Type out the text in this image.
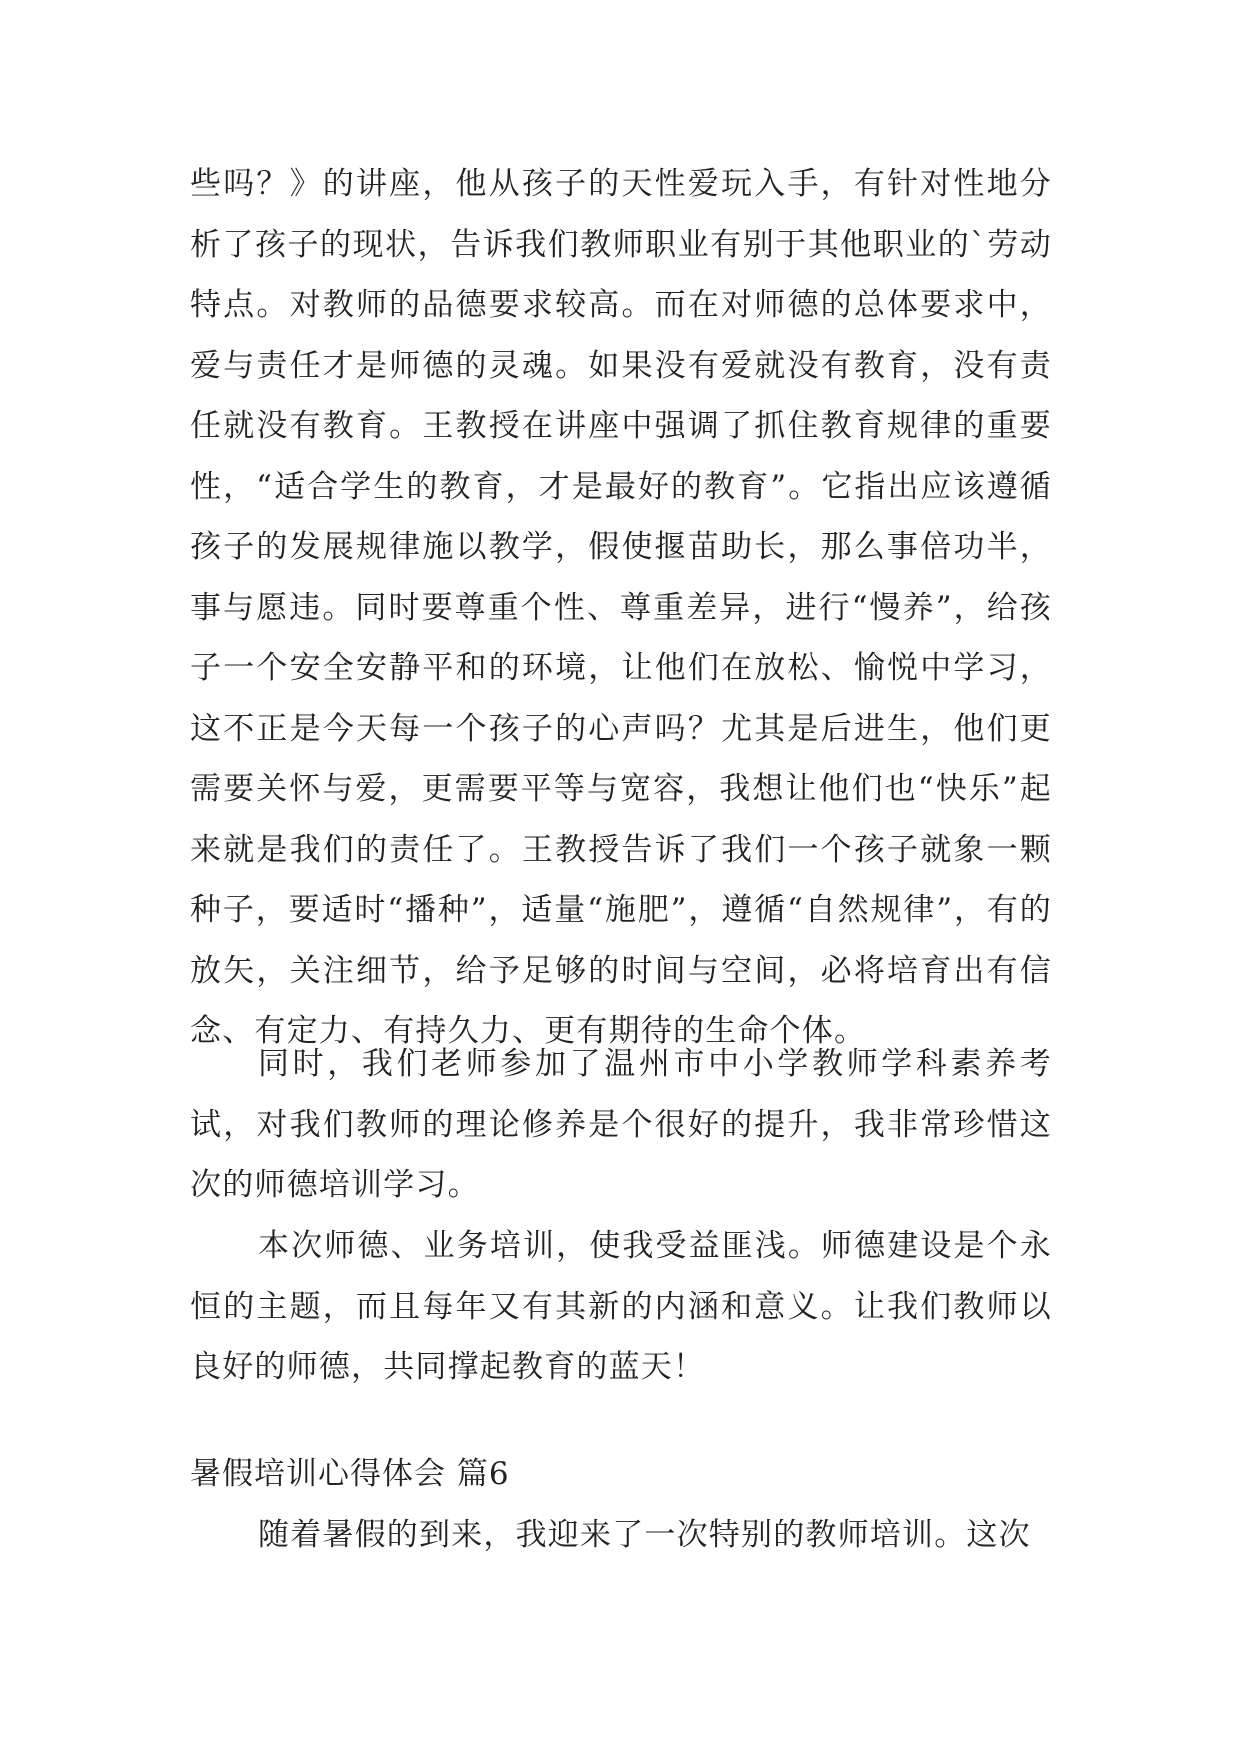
些吗？》的讲座，他从孩子的天性爱玩入手，有针对性地分析了孩子的现状，告诉我们教师职业有别于其他职业的`劳动特点。对教师的品德要求较高。而在对师德的总体要求中，爱与责任才是师德的灵魂。如果没有爱就没有教育，没有责任就没有教育。王教授在讲座中强调了抓住教育规律的重要性，“适合学生的教育，才是最好的教育”。它指出应该遵循孩子的发展规律施以教学，假使揠苗助长，那么事倍功半，事与愿违。同时要尊重个性、尊重差异，进行“慢养”，给孩子一个安全安静平和的环境，让他们在放松、愉悦中学习，这不正是今天每一个孩子的心声吗？尤其是后进生，他们更需要关怀与爱，更需要平等与宽容，我想让他们也“快乐”起来就是我们的责任了。王教授告诉了我们一个孩子就象一颗种子，要适时“播种”，适量“施肥”，遵循“自然规律”，有的放矢，关注细节，给予足够的时间与空间，必将培育出有信念、有定力、有持久力、更有期待的生命个体。

同时，我们老师参加了温州市中小学教师学科素养考试，对我们教师的理论修养是个很好的提升，我非常珍惜这次的师德培训学习。

本次师德、业务培训，使我受益匪浅。师德建设是个永恒的主题，而且每年又有其新的内涵和意义。让我们教师以良好的师德，共同撑起教育的蓝天！

暑假培训心得体会 篇6

随着暑假的到来，我迎来了一次特别的教师培训。这次
